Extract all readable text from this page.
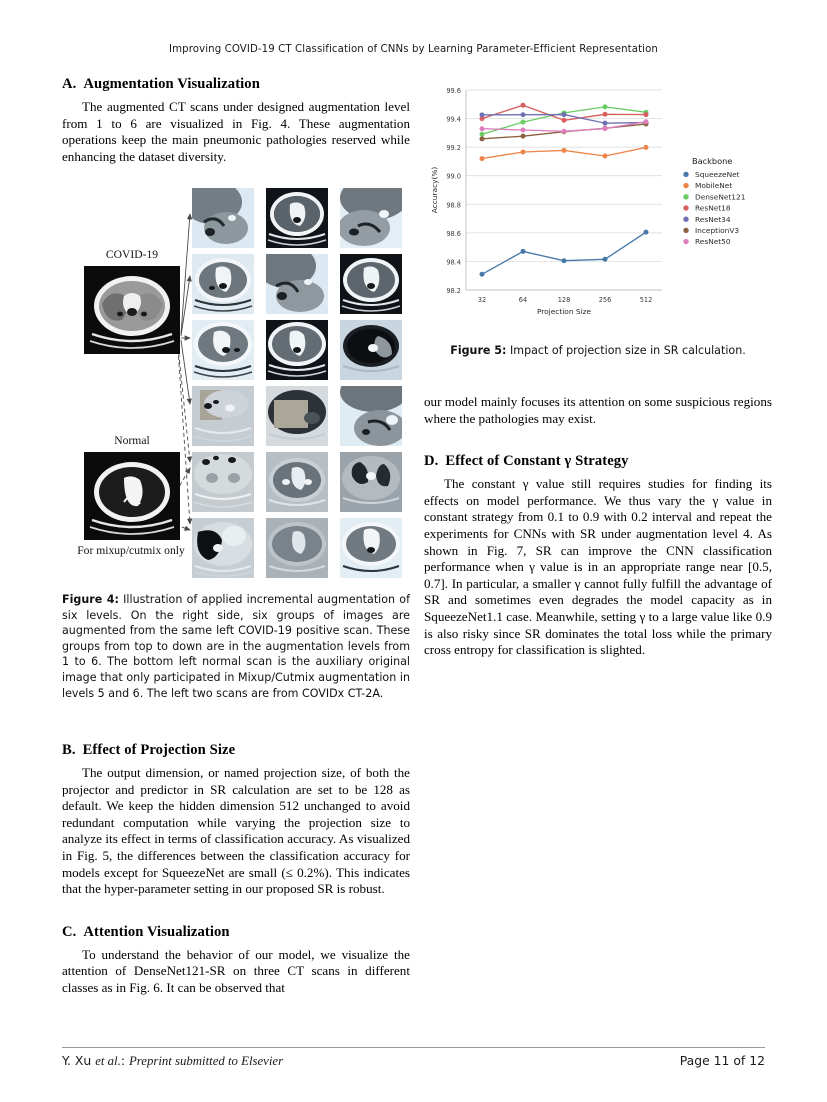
Improving COVID-19 CT Classification of CNNs by Learning Parameter-Efficient Representation
A. Augmentation Visualization

The augmented CT scans under designed augmentation level from 1 to 6 are visualized in Fig. 4. These augmentation operations keep the main pneumonic pathologies reserved while enhancing the dataset diversity.

COVID-19
Normal
For mixup/cutmix only
Figure 4: Illustration of applied incremental augmentation of six levels. On the right side, six groups of images are augmented from the same left COVID-19 positive scan. These groups from top to down are in the augmentation levels from 1 to 6. The bottom left normal scan is the auxiliary original image that only participated in Mixup/Cutmix augmentation in levels 5 and 6. The left two scans are from COVIDx CT-2A.
B. Effect of Projection Size

The output dimension, or named projection size, of both the projector and predictor in SR calculation are set to be 128 as default. We keep the hidden dimension 512 unchanged to avoid redundant computation while varying the projection size to analyze its effect in terms of classification accuracy. As visualized in Fig. 5, the differences between the classification accuracy for models except for SqueezeNet are small (≤ 0.2%). This indicates that the hyper-parameter setting in our proposed SR is robust.

C. Attention Visualization

To understand the behavior of our model, we visualize the attention of DenseNet121-SR on three CT scans in different classes as in Fig. 6. It can be observed that

98.2
98.4
98.6
98.8
99.0
99.2
99.4
99.6
32	64	128	256	512
Projection Size
Accuracy(%)
Backbone
SqueezeNet
MobileNet
DenseNet121
ResNet18
ResNet34
InceptionV3
ResNet50
Figure 5: Impact of projection size in SR calculation.

our model mainly focuses its attention on some suspicious regions where the pathologies may exist.

D. Effect of Constant γ Strategy

The constant γ value still requires studies for finding its effects on model performance. We thus vary the γ value in constant strategy from 0.1 to 0.9 with 0.2 interval and repeat the experiments for CNNs with SR under augmentation level 4. As shown in Fig. 7, SR can improve the CNN classification performance when γ value is in an appropriate range near [0.5, 0.7]. In particular, a smaller γ cannot fully fulfill the advantage of SR and sometimes even degrades the model capacity as in SqueezeNet1.1 case. Meanwhile, setting γ to a large value like 0.9 is also risky since SR dominates the total loss while the primary cross entropy for classification is slighted.

Y. Xu et al.: Preprint submitted to Elsevier	Page 11 of 12
